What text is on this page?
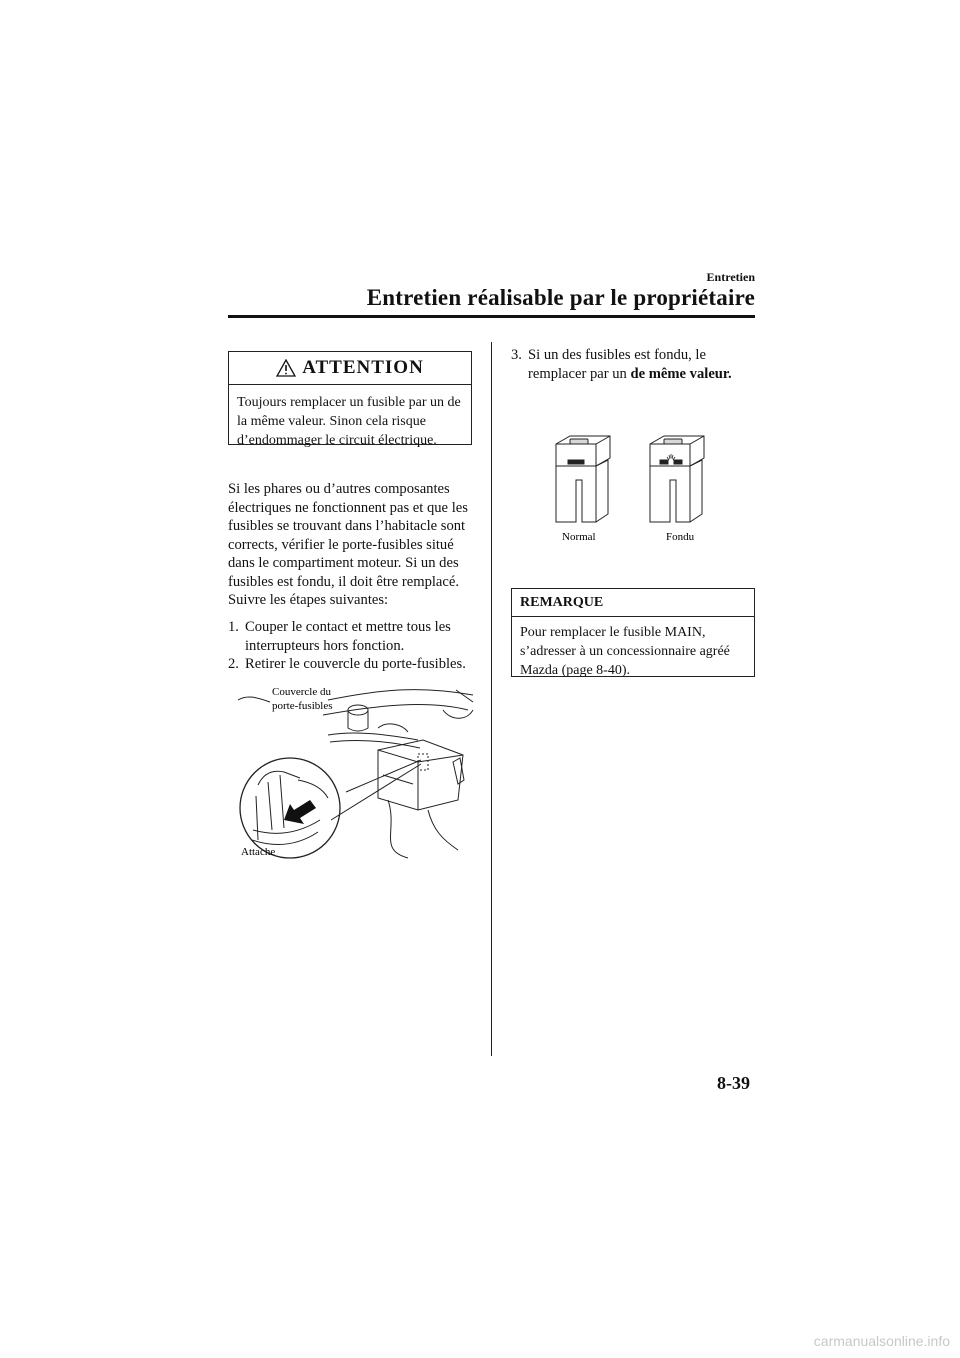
Entretien
Entretien réalisable par le propriétaire
ATTENTION
Toujours remplacer un fusible par un de la même valeur. Sinon cela risque d’endommager le circuit électrique.
Si les phares ou d’autres composantes électriques ne fonctionnent pas et que les fusibles se trouvant dans l’habitacle sont corrects, vérifier le porte-fusibles situé dans le compartiment moteur. Si un des fusibles est fondu, il doit être remplacé. Suivre les étapes suivantes:
1. Couper le contact et mettre tous les interrupteurs hors fonction.
2. Retirer le couvercle du porte-fusibles.
Couvercle du
porte-fusibles
Attache
3. Si un des fusibles est fondu, le remplacer par un de même valeur.
Normal	Fondu
REMARQUE
Pour remplacer le fusible MAIN, s’adresser à un concessionnaire agréé Mazda (page 8-40).
8-39
carmanualsonline.info
